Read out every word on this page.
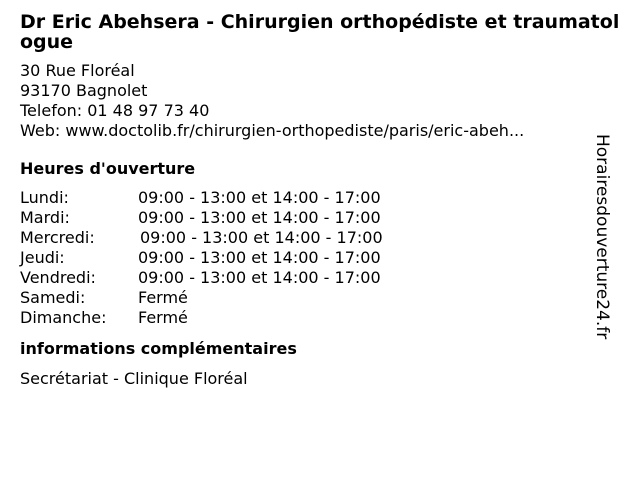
Dr Eric Abehsera - Chirurgien orthopédiste et traumatologue
30 Rue Floréal
93170 Bagnolet
Telefon: 01 48 97 73 40
Web: www.doctolib.fr/chirurgien-orthopediste/paris/eric-abeh...
Heures d'ouverture
Lundi:	09:00 - 13:00 et 14:00 - 17:00
Mardi:	09:00 - 13:00 et 14:00 - 17:00
Mercredi:	09:00 - 13:00 et 14:00 - 17:00
Jeudi:	09:00 - 13:00 et 14:00 - 17:00
Vendredi:	09:00 - 13:00 et 14:00 - 17:00
Samedi:	Fermé
Dimanche:	Fermé
informations complémentaires
Secrétariat - Clinique Floréal
Horairesdouverture24.fr
